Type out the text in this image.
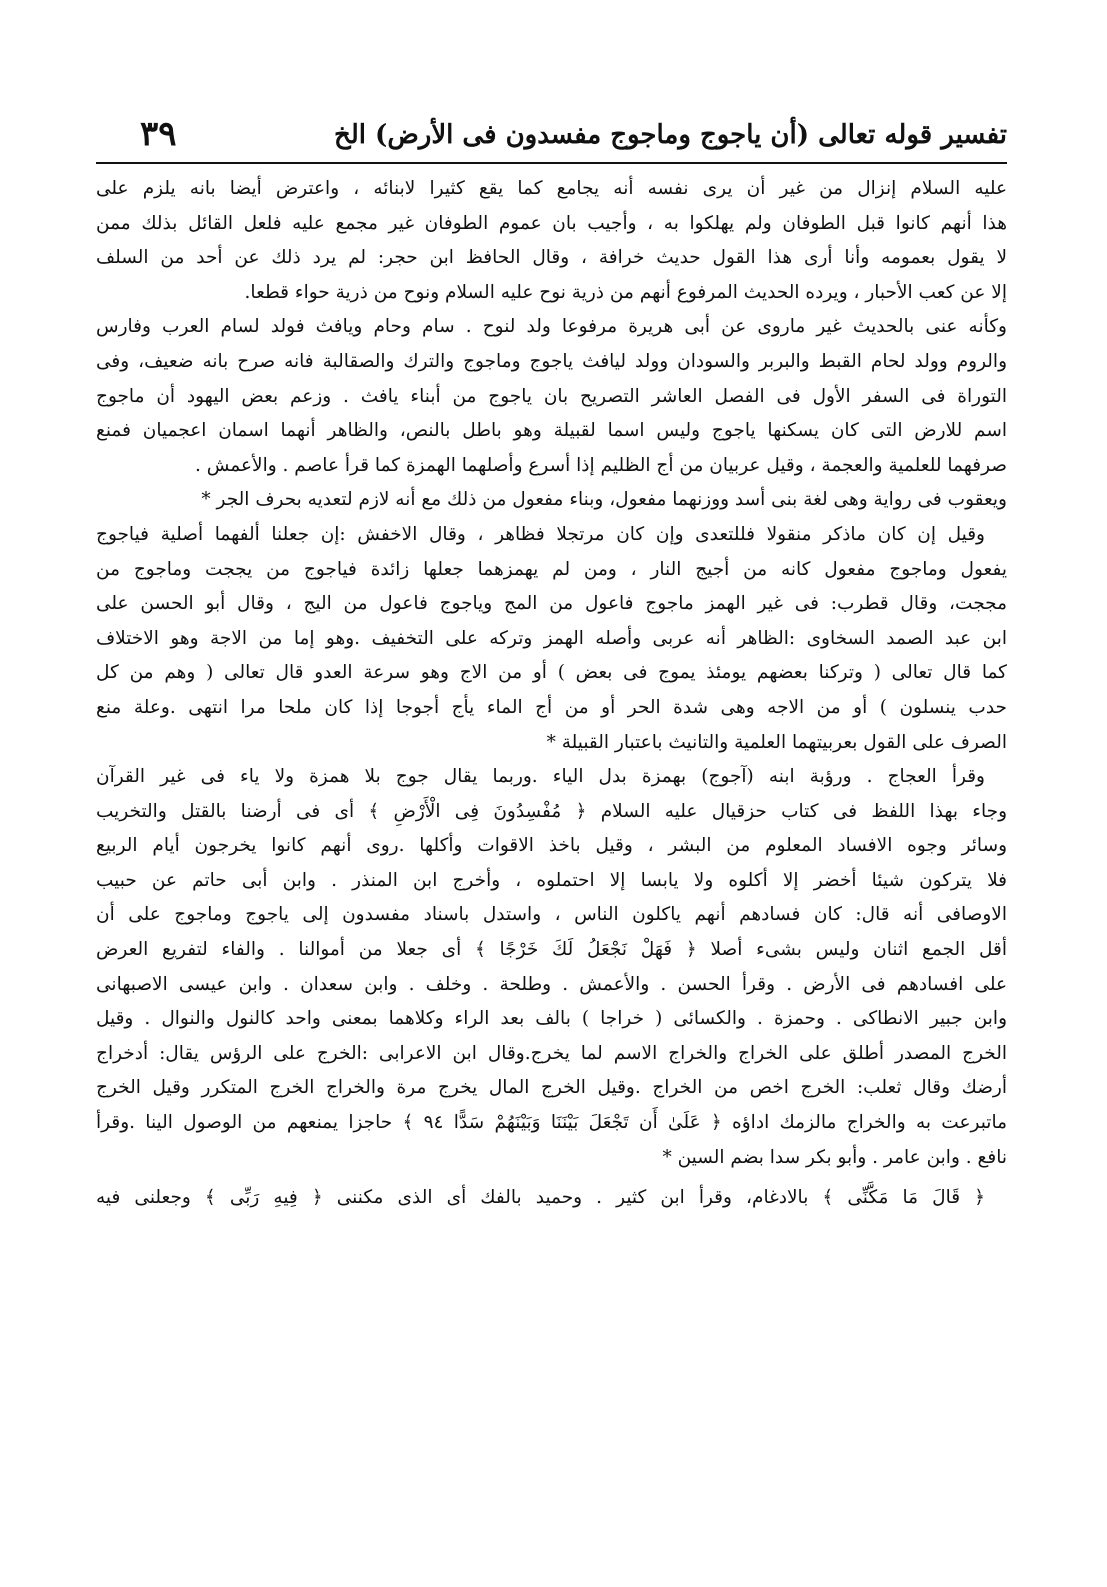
تفسير قوله تعالى (أن ياجوج وماجوج مفسدون فى الأرض) الخ
٣٩
عليه السلام إنزال من غير أن يرى نفسه أنه يجامع كما يقع كثيرا لابنائه ، واعترض أيضا بانه يلزم على
هذا أنهم كانوا قبل الطوفان ولم يهلكوا به ، وأجيب بان عموم الطوفان غير مجمع عليه فلعل القائل بذلك ممن
لا يقول بعمومه وأنا أرى هذا القول حديث خرافة ، وقال الحافظ ابن حجر: لم يرد ذلك عن أحد من السلف
إلا عن كعب الأحبار ، ويرده الحديث المرفوع أنهم من ذرية نوح عليه السلام ونوح من ذرية حواء قطعا.
وكأنه عنى بالحديث غير ماروى عن أبى هريرة مرفوعا ولد لنوح . سام وحام ويافث فولد لسام العرب وفارس
والروم وولد لحام القبط والبربر والسودان وولد ليافث ياجوج وماجوج والترك والصقالبة فانه صرح بانه ضعيف، وفى
التوراة فى السفر الأول فى الفصل العاشر التصريح بان ياجوج من أبناء يافث . وزعم بعض اليهود أن ماجوج
اسم للارض التى كان يسكنها ياجوج وليس اسما لقبيلة وهو باطل بالنص، والظاهر أنهما اسمان اعجميان فمنع
صرفهما للعلمية والعجمة ، وقيل عربيان من أج الظليم إذا أسرع وأصلهما الهمزة كما قرأ عاصم . والأعمش .
ويعقوب فى رواية وهى لغة بنى أسد ووزنهما مفعول، وبناء مفعول من ذلك مع أنه لازم لتعديه بحرف الجر *
وقيل إن كان ماذكر منقولا فللتعدى وإن كان مرتجلا فظاهر ، وقال الاخفش :إن جعلنا ألفهما أصلية فياجوج
يفعول وماجوج مفعول كانه من أجيج النار ، ومن لم يهمزهما جعلها زائدة فياجوج من يججت وماجوج من
مججت، وقال قطرب: فى غير الهمز ماجوج فاعول من المج وياجوج فاعول من اليج ، وقال أبو الحسن على
ابن عبد الصمد السخاوى :الظاهر أنه عربى وأصله الهمز وتركه على التخفيف .وهو إما من الاجة وهو الاختلاف
كما قال تعالى ( وتركنا بعضهم يومئذ يموج فى بعض ) أو من الاج وهو سرعة العدو قال تعالى ( وهم من كل
حدب ينسلون ) أو من الاجه وهى شدة الحر أو من أج الماء يأج أجوجا إذا كان ملحا مرا انتهى .وعلة منع
الصرف على القول بعربيتهما العلمية والتانيث باعتبار القبيلة *
وقرأ العجاج . ورؤبة ابنه (آجوج) بهمزة بدل الياء .وربما يقال جوج بلا همزة ولا ياء فى غير القرآن
وجاء بهذا اللفظ فى كتاب حزقيال عليه السلام ﴿ مُفْسِدُونَ فِى الْأَرْضِ ﴾ أى فى أرضنا بالقتل والتخريب
وسائر وجوه الافساد المعلوم من البشر ، وقيل باخذ الاقوات وأكلها .روى أنهم كانوا يخرجون أيام الربيع
فلا يتركون شيئا أخضر إلا أكلوه ولا يابسا إلا احتملوه ، وأخرج ابن المنذر . وابن أبى حاتم عن حبيب
الاوصافى أنه قال: كان فسادهم أنهم ياكلون الناس ، واستدل باسناد مفسدون إلى ياجوج وماجوج على أن
أقل الجمع اثنان وليس بشىء أصلا ﴿ فَهَلْ نَجْعَلُ لَكَ خَرْجًا ﴾ أى جعلا من أموالنا . والفاء لتفريع العرض
على افسادهم فى الأرض . وقرأ الحسن . والأعمش . وطلحة . وخلف . وابن سعدان . وابن عيسى الاصبهانى
وابن جبير الانطاكى . وحمزة . والكسائى ( خراجا ) بالف بعد الراء وكلاهما بمعنى واحد كالنول والنوال . وقيل
الخرج المصدر أطلق على الخراج والخراج الاسم لما يخرج.وقال ابن الاعرابى :الخرج على الرؤس يقال: أدخراج
أرضك وقال ثعلب: الخرج اخص من الخراج .وقيل الخرج المال يخرج مرة والخراج الخرج المتكرر وقيل الخرج
ماتبرعت به والخراج مالزمك اداؤه ﴿ عَلَىٰ أَن تَجْعَلَ بَيْنَنَا وَبَيْنَهُمْ سَدًّا ٩٤ ﴾ حاجزا يمنعهم من الوصول الينا .وقرأ
نافع . وابن عامر . وأبو بكر سدا بضم السين *
﴿ قَالَ مَا مَكَّنِّى ﴾ بالادغام، وقرأ ابن كثير . وحميد بالفك أى الذى مكننى ﴿ فِيهِ رَبِّى ﴾ وجعلنى فيه
